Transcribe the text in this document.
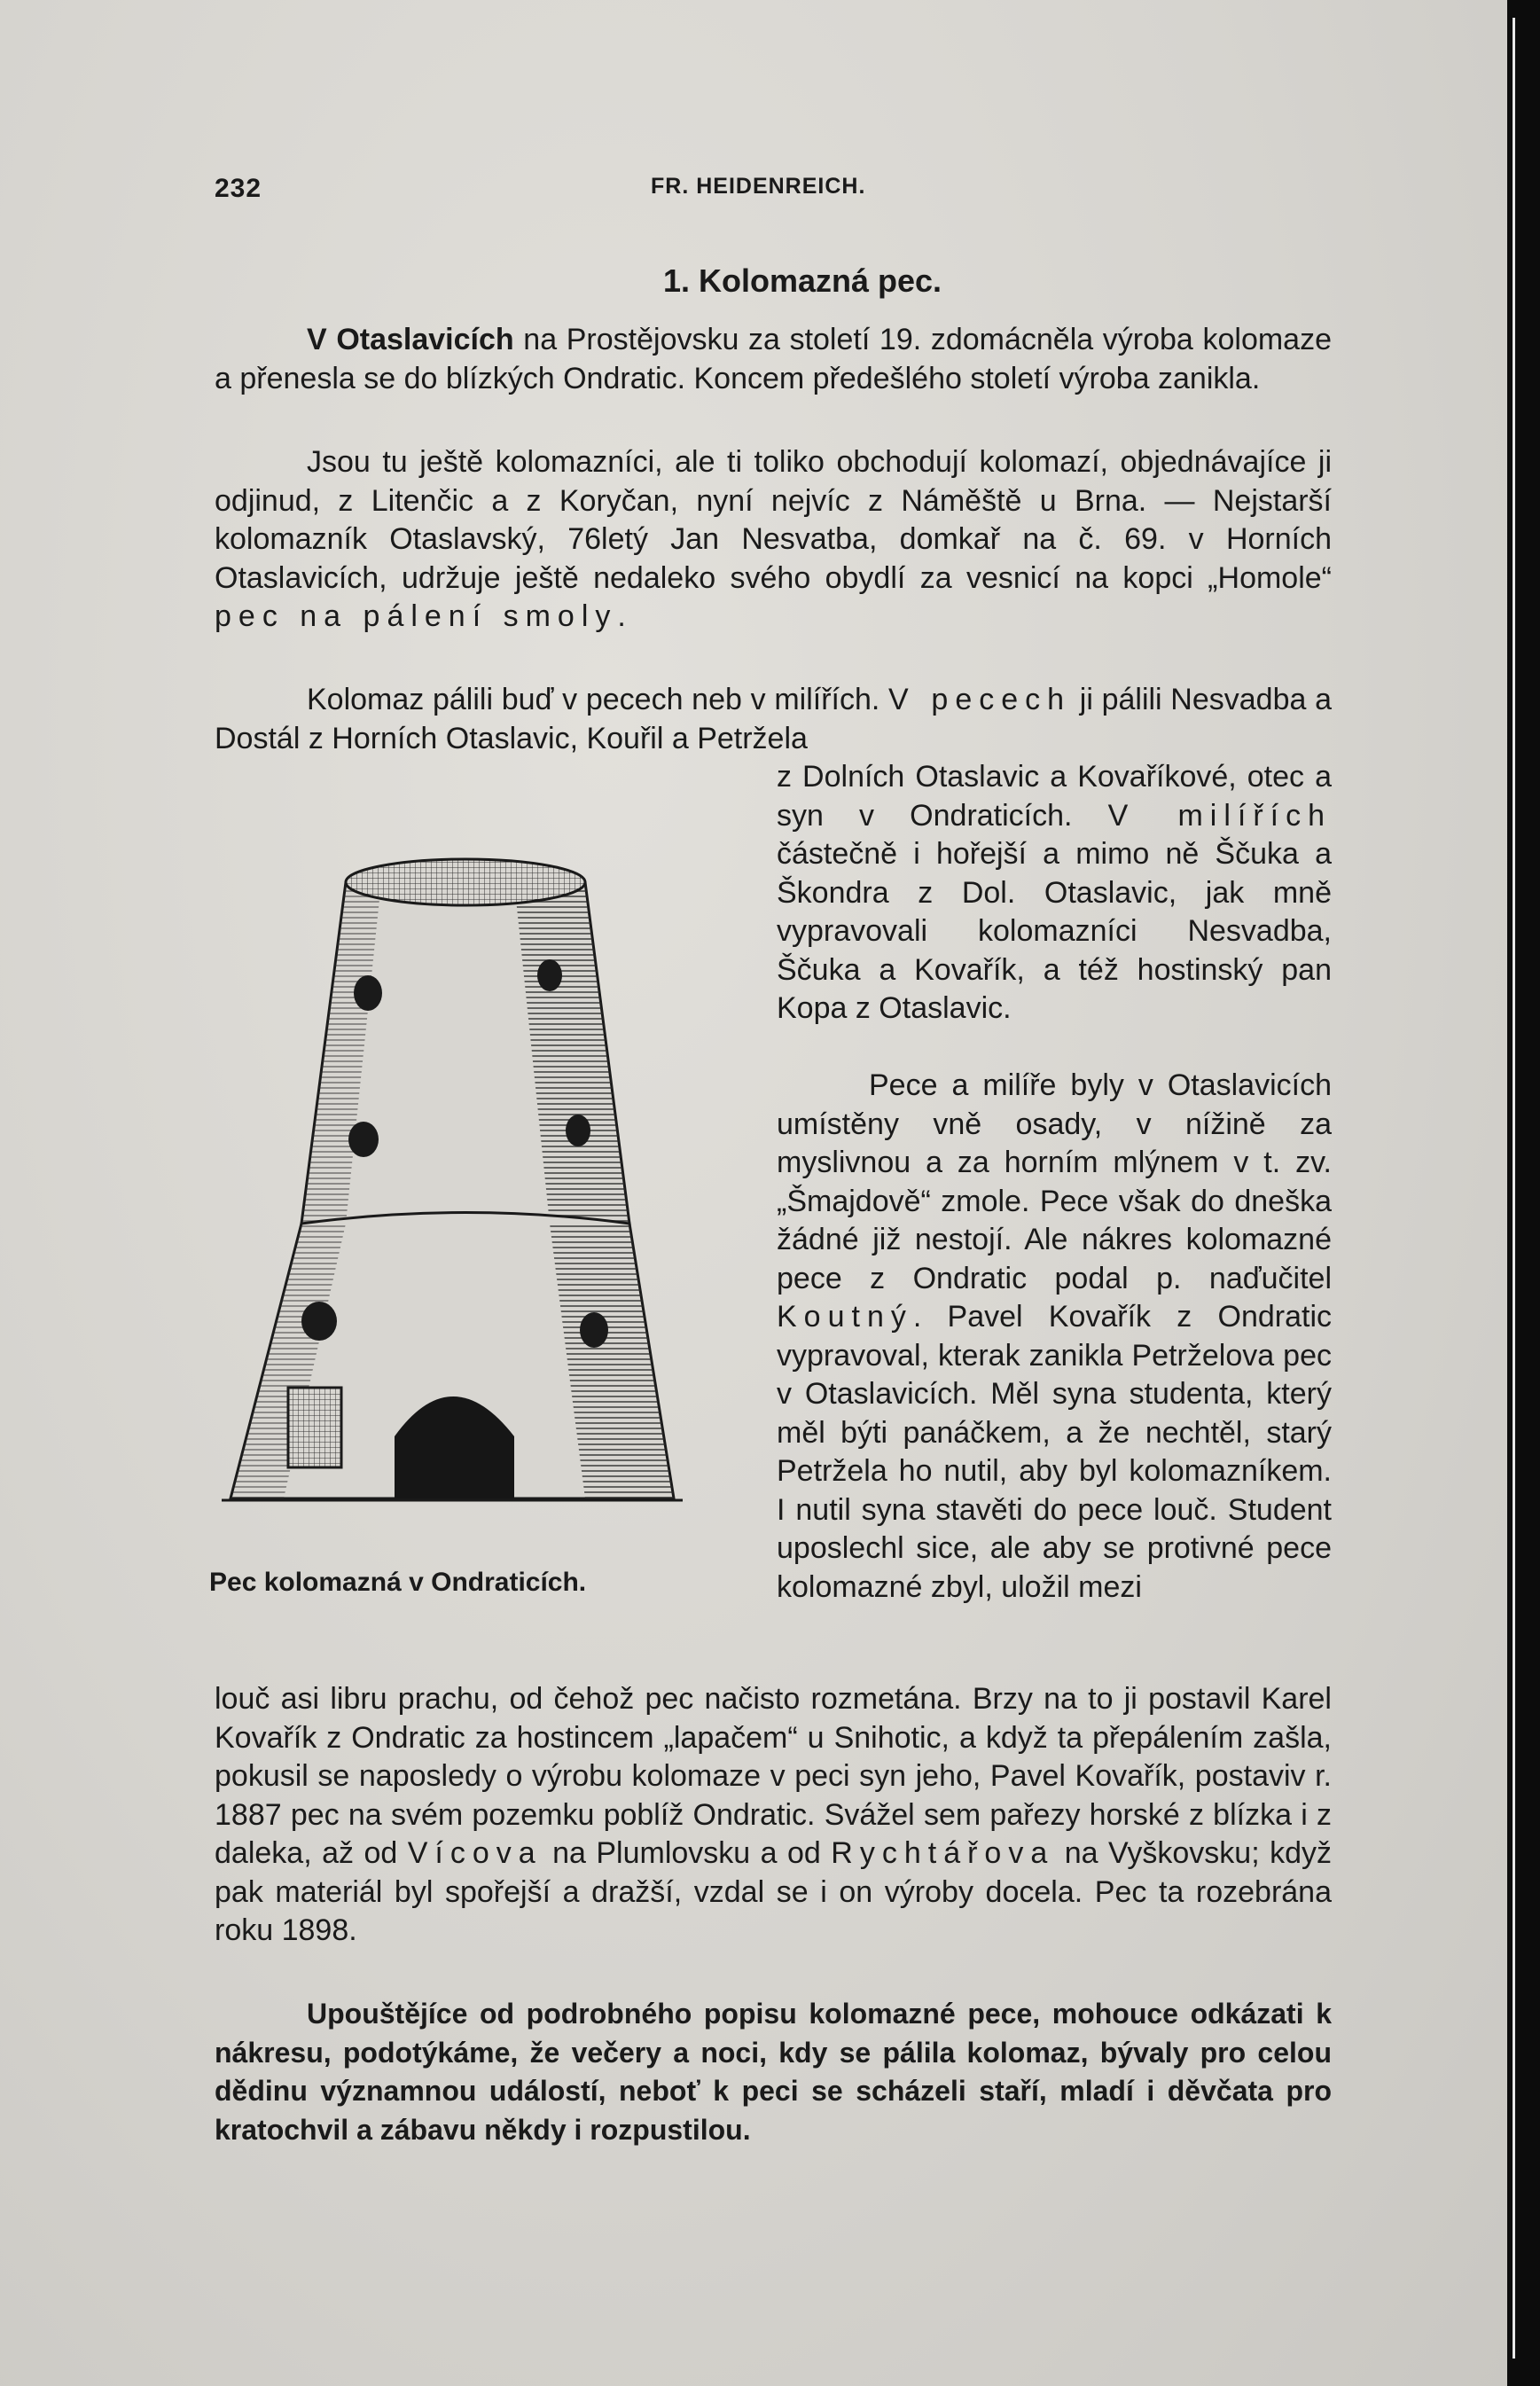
232	FR. HEIDENREICH.
1. Kolomazná pec.
V Otaslavicích na Prostějovsku za století 19. zdomácněla výroba kolomaze a přenesla se do blízkých Ondratic. Koncem předešlého století výroba zanikla.
Jsou tu ještě kolomazníci, ale ti toliko obchodují kolomazí, objednávajíce ji odjinud, z Litenčic a z Koryčan, nyní nejvíc z Náměště u Brna. — Nejstarší kolomazník Otaslavský, 76letý Jan Nesvatba, domkař na č. 69. v Horních Otaslavicích, udržuje ještě nedaleko svého obydlí za vesnicí na kopci „Homole“ pec na pálení smoly.
Kolomaz pálili buď v pecech neb v milířích. V pecech ji pálili Nesvadba a Dostál z Horních Otaslavic, Kouřil a Petržela
z Dolních Otaslavic a Kovaříkové, otec a syn v Ondraticích. V milířích částečně i hořejší a mimo ně Ščuka a Škondra z Dol. Otaslavic, jak mně vypravovali kolomazníci Nesvadba, Ščuka a Kovařík, a též hostinský pan Kopa z Otaslavic.
Pece a milíře byly v Otaslavicích umístěny vně osady, v nížině za myslivnou a za horním mlýnem v t. zv. „Šmajdově“ zmole. Pece však do dneška žádné již nestojí. Ale nákres kolomazné pece z Ondratic podal p. naďučitel Koutný. Pavel Kovařík z Ondratic vypravoval, kterak zanikla Petrželova pec v Otaslavicích. Měl syna studenta, který měl býti panáčkem, a že nechtěl, starý Petržela ho nutil, aby byl kolomazníkem. I nutil syna stavěti do pece louč. Student uposlechl sice, ale aby se protivné pece kolomazné zbyl, uložil mezi
louč asi libru prachu, od čehož pec načisto rozmetána. Brzy na to ji postavil Karel Kovařík z Ondratic za hostincem „lapačem“ u Snihotic, a když ta přepálením zašla, pokusil se naposledy o výrobu kolomaze v peci syn jeho, Pavel Kovařík, postaviv r. 1887 pec na svém pozemku poblíž Ondratic. Svážel sem pařezy horské z blízka i z daleka, až od Vícova na Plumlovsku a od Rychtářova na Vyškovsku; když pak materiál byl spořejší a dražší, vzdal se i on výroby docela. Pec ta rozebrána roku 1898.
Upouštějíce od podrobného popisu kolomazné pece, mohouce odkázati k nákresu, podotýkáme, že večery a noci, kdy se pálila kolomaz, bývaly pro celou dědinu významnou událostí, neboť k peci se scházeli staří, mladí i děvčata pro kratochvil a zábavu někdy i rozpustilou.
Pec kolomazná v Ondraticích.
